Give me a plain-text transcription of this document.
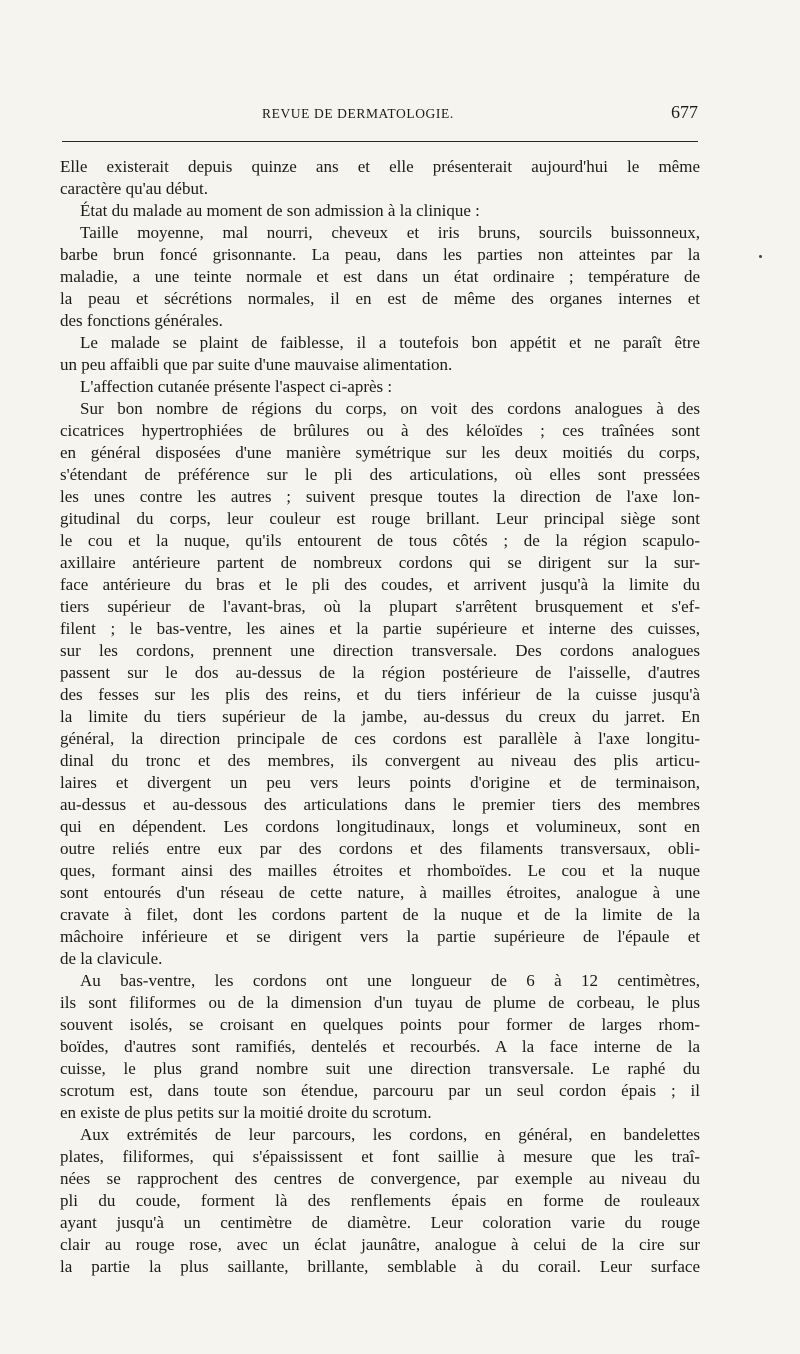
REVUE DE DERMATOLOGIE.	677
Elle existerait depuis quinze ans et elle présenterait aujourd'hui le même
caractère qu'au début.
État du malade au moment de son admission à la clinique :
Taille moyenne, mal nourri, cheveux et iris bruns, sourcils buissonneux,
barbe brun foncé grisonnante. La peau, dans les parties non atteintes par la
maladie, a une teinte normale et est dans un état ordinaire ; température de
la peau et sécrétions normales, il en est de même des organes internes et
des fonctions générales.
Le malade se plaint de faiblesse, il a toutefois bon appétit et ne paraît être
un peu affaibli que par suite d'une mauvaise alimentation.
L'affection cutanée présente l'aspect ci-après :
Sur bon nombre de régions du corps, on voit des cordons analogues à des
cicatrices hypertrophiées de brûlures ou à des kéloïdes ; ces traînées sont
en général disposées d'une manière symétrique sur les deux moitiés du corps,
s'étendant de préférence sur le pli des articulations, où elles sont pressées
les unes contre les autres ; suivent presque toutes la direction de l'axe lon-
gitudinal du corps, leur couleur est rouge brillant. Leur principal siège sont
le cou et la nuque, qu'ils entourent de tous côtés ; de la région scapulo-
axillaire antérieure partent de nombreux cordons qui se dirigent sur la sur-
face antérieure du bras et le pli des coudes, et arrivent jusqu'à la limite du
tiers supérieur de l'avant-bras, où la plupart s'arrêtent brusquement et s'ef-
filent ; le bas-ventre, les aines et la partie supérieure et interne des cuisses,
sur les cordons, prennent une direction transversale. Des cordons analogues
passent sur le dos au-dessus de la région postérieure de l'aisselle, d'autres
des fesses sur les plis des reins, et du tiers inférieur de la cuisse jusqu'à
la limite du tiers supérieur de la jambe, au-dessus du creux du jarret. En
général, la direction principale de ces cordons est parallèle à l'axe longitu-
dinal du tronc et des membres, ils convergent au niveau des plis articu-
laires et divergent un peu vers leurs points d'origine et de terminaison,
au-dessus et au-dessous des articulations dans le premier tiers des membres
qui en dépendent. Les cordons longitudinaux, longs et volumineux, sont en
outre reliés entre eux par des cordons et des filaments transversaux, obli-
ques, formant ainsi des mailles étroites et rhomboïdes. Le cou et la nuque
sont entourés d'un réseau de cette nature, à mailles étroites, analogue à une
cravate à filet, dont les cordons partent de la nuque et de la limite de la
mâchoire inférieure et se dirigent vers la partie supérieure de l'épaule et
de la clavicule.
Au bas-ventre, les cordons ont une longueur de 6 à 12 centimètres,
ils sont filiformes ou de la dimension d'un tuyau de plume de corbeau, le plus
souvent isolés, se croisant en quelques points pour former de larges rhom-
boïdes, d'autres sont ramifiés, dentelés et recourbés. A la face interne de la
cuisse, le plus grand nombre suit une direction transversale. Le raphé du
scrotum est, dans toute son étendue, parcouru par un seul cordon épais ; il
en existe de plus petits sur la moitié droite du scrotum.
Aux extrémités de leur parcours, les cordons, en général, en bandelettes
plates, filiformes, qui s'épaississent et font saillie à mesure que les traî-
nées se rapprochent des centres de convergence, par exemple au niveau du
pli du coude, forment là des renflements épais en forme de rouleaux
ayant jusqu'à un centimètre de diamètre. Leur coloration varie du rouge
clair au rouge rose, avec un éclat jaunâtre, analogue à celui de la cire sur
la partie la plus saillante, brillante, semblable à du corail. Leur surface
